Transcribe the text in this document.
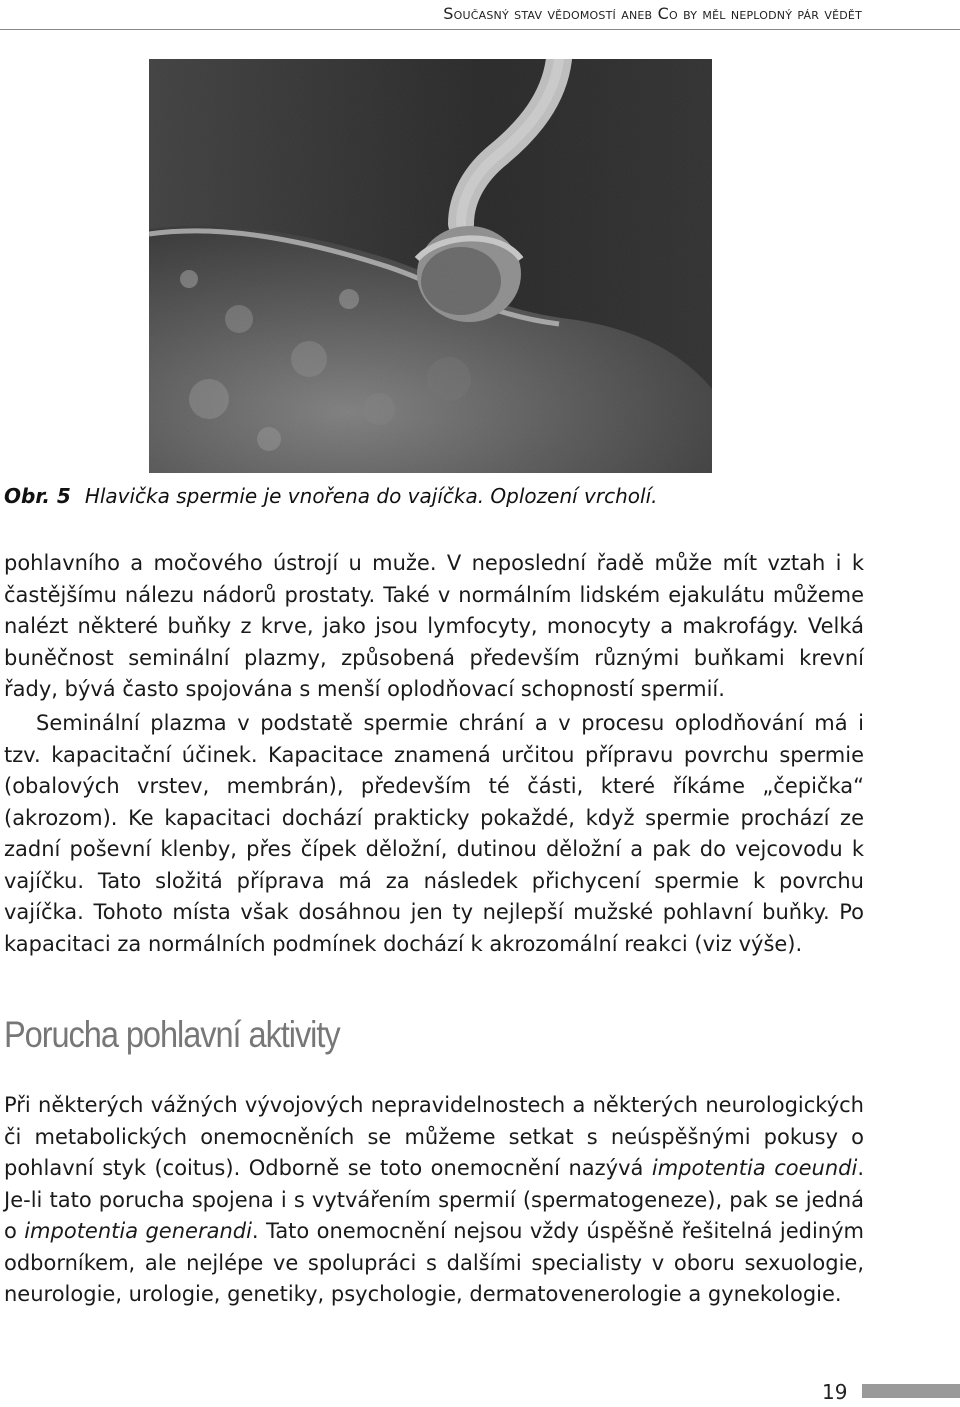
Současný stav vědomostí aneb Co by měl neplodný pár vědět
Obr. 5 Hlavička spermie je vnořena do vajíčka. Oplození vrcholí.

pohlavního a močového ústrojí u muže. V neposlední řadě může mít vztah i k častějšímu nálezu nádorů prostaty. Také v normálním lidském ejakulátu můžeme nalézt některé buňky z krve, jako jsou lymfocyty, monocyty a makrofágy. Velká buněčnost seminální plazmy, způsobená především různými buňkami krevní řady, bývá často spojována s menší oplodňovací schopností spermií.

Seminální plazma v podstatě spermie chrání a v procesu oplodňování má i tzv. kapacitační účinek. Kapacitace znamená určitou přípravu povrchu spermie (obalových vrstev, membrán), především té části, které říkáme „čepička“ (akrozom). Ke kapacitaci dochází prakticky pokaždé, když spermie prochází ze zadní poševní klenby, přes čípek děložní, dutinou děložní a pak do vejcovodu k vajíčku. Tato složitá příprava má za následek přichycení spermie k povrchu vajíčka. Tohoto místa však dosáhnou jen ty nejlepší mužské pohlavní buňky. Po kapacitaci za normálních podmínek dochází k akrozomální reakci (viz výše).

Porucha pohlavní aktivity

Při některých vážných vývojových nepravidelnostech a některých neurologických či metabolických onemocněních se můžeme setkat s neúspěšnými pokusy o pohlavní styk (coitus). Odborně se toto onemocnění nazývá impotentia coeundi. Je-li tato porucha spojena i s vytvářením spermií (spermatogeneze), pak se jedná o impotentia generandi. Tato onemocnění nejsou vždy úspěšně řešitelná jediným odborníkem, ale nejlépe ve spolupráci s dalšími specialisty v oboru sexuologie, neurologie, urologie, genetiky, psychologie, dermatovenerologie a gynekologie.

19
